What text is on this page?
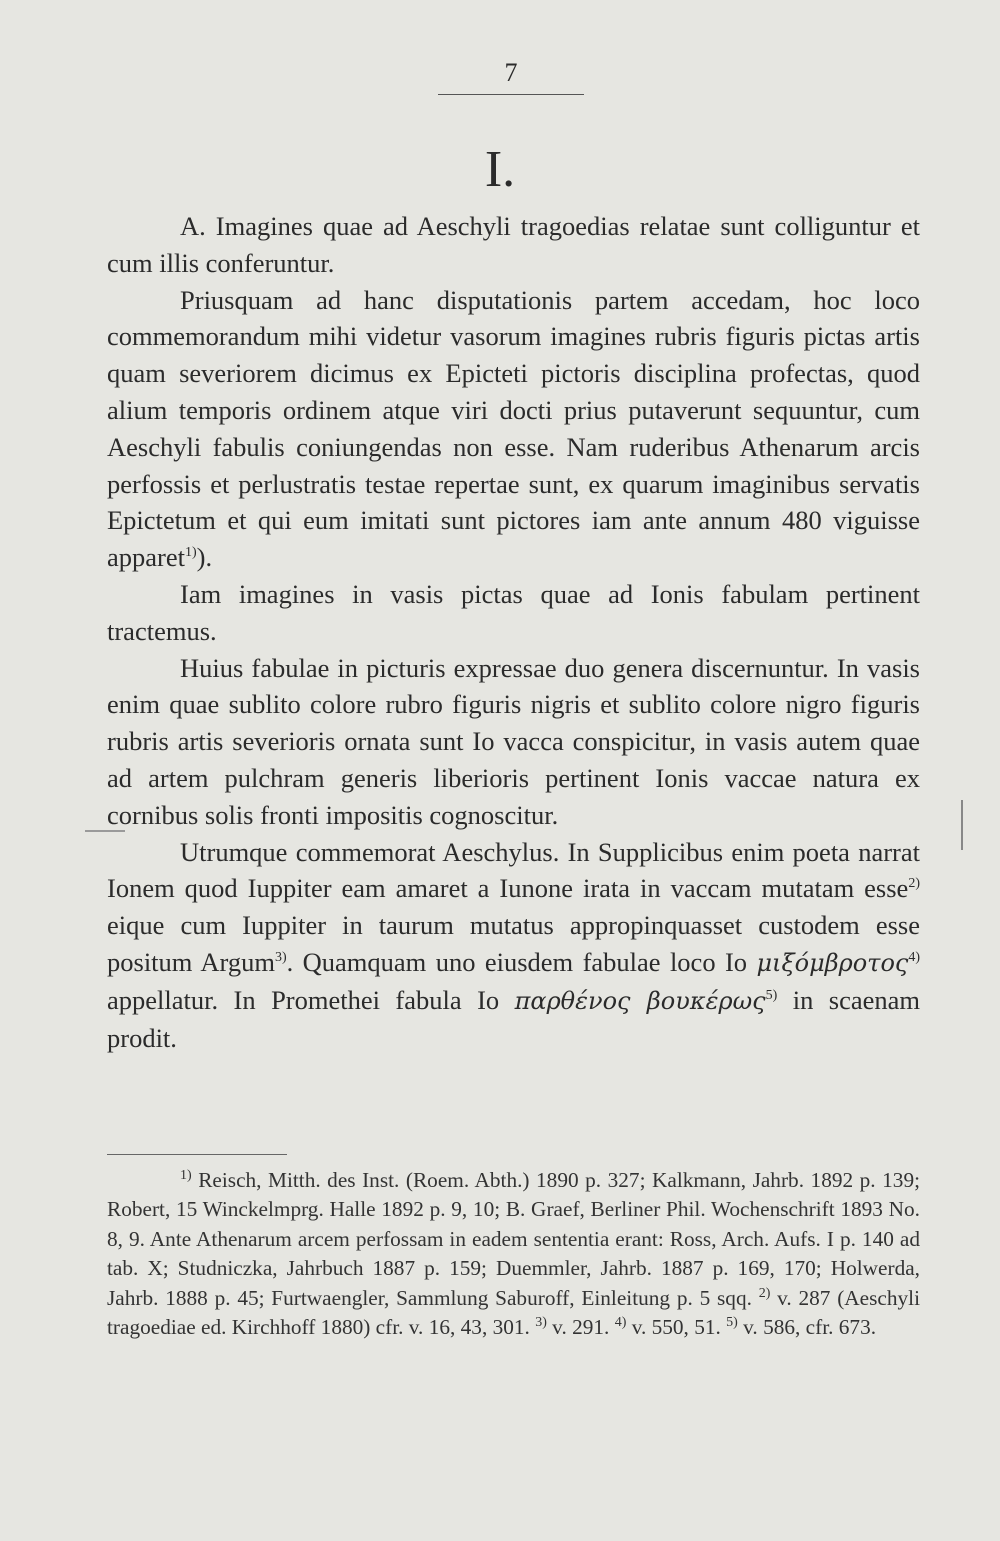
7
I.

A. Imagines quae ad Aeschyli tragoedias relatae sunt colliguntur et cum illis conferuntur.

Priusquam ad hanc disputationis partem accedam, hoc loco commemorandum mihi videtur vasorum imagines rubris figuris pictas artis quam severiorem dicimus ex Epicteti pictoris disciplina profectas, quod alium temporis ordinem atque viri docti prius putaverunt sequuntur, cum Aeschyli fabulis coniungendas non esse. Nam ruderibus Athenarum arcis perfossis et perlustratis testae repertae sunt, ex quarum imaginibus servatis Epictetum et qui eum imitati sunt pictores iam ante annum 480 viguisse apparet$^{1)}$).

Iam imagines in vasis pictas quae ad Ionis fabulam pertinent tractemus.

Huius fabulae in picturis expressae duo genera discernuntur. In vasis enim quae sublito colore rubro figuris nigris et sublito colore nigro figuris rubris artis severioris ornata sunt Io vacca conspicitur, in vasis autem quae ad artem pulchram generis liberioris pertinent Ionis vaccae natura ex cornibus solis fronti impositis cognoscitur.

Utrumque commemorat Aeschylus. In Supplicibus enim poeta narrat Ionem quod Iuppiter eam amaret a Iunone irata in vaccam mutatam esse$^{2)}$ eique cum Iuppiter in taurum mutatus appropinquasset custodem esse positum Argum$^{3)}$. Quamquam uno eiusdem fabulae loco Io μιξόμβροτος$^{4)}$ appellatur. In Promethei fabula Io παρθένος βουκέρως$^{5)}$ in scaenam prodit.

$^{1)}$ Reisch, Mitth. des Inst. (Roem. Abth.) 1890 p. 327; Kalkmann, Jahrb. 1892 p. 139; Robert, 15 Winckelmprg. Halle 1892 p. 9, 10; B. Graef, Berliner Phil. Wochenschrift 1893 No. 8, 9. Ante Athenarum arcem perfossam in eadem sententia erant: Ross, Arch. Aufs. I p. 140 ad tab. X; Studniczka, Jahrbuch 1887 p. 159; Duemmler, Jahrb. 1887 p. 169, 170; Holwerda, Jahrb. 1888 p. 45; Furtwaengler, Sammlung Saburoff, Einleitung p. 5 sqq. $^{2)}$ v. 287 (Aeschyli tragoediae ed. Kirchhoff 1880) cfr. v. 16, 43, 301. $^{3)}$ v. 291. $^{4)}$ v. 550, 51. $^{5)}$ v. 586, cfr. 673.
